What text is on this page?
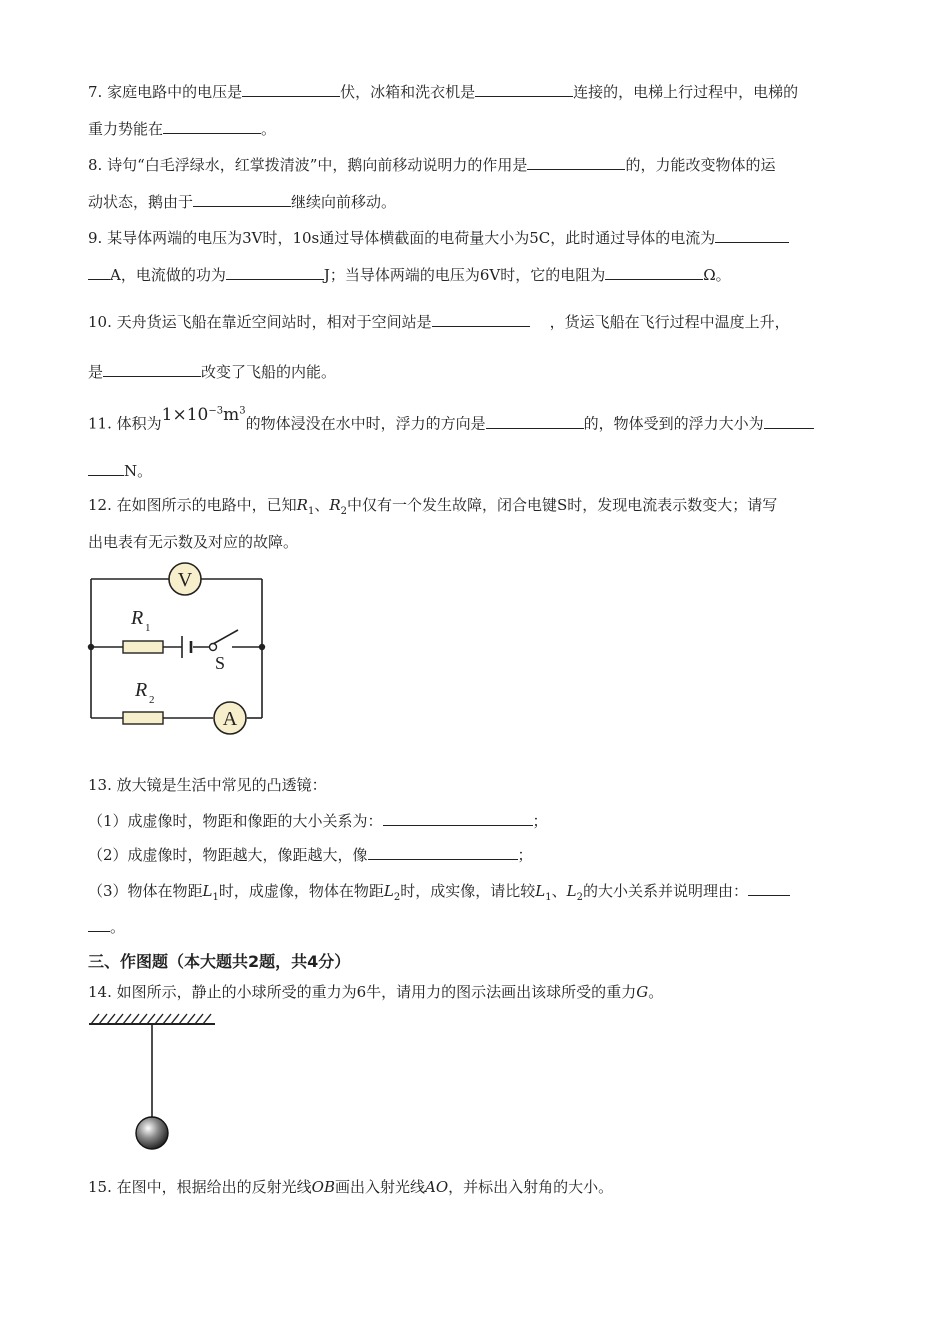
7. 家庭电路中的电压是	伏，冰箱和洗衣机是	连接的，电梯上行过程中，电梯的
重力势能在	。
8. 诗句“白毛浮绿水，红掌拨清波”中，鹅向前移动说明力的作用是	的，力能改变物体的运
动状态，鹅由于	继续向前移动。
9. 某导体两端的电压为3V时，10s通过导体横截面的电荷量大小为5C，此时通过导体的电流为
A，电流做的功为	J；当导体两端的电压为6V时，它的电阻为	Ω。
10. 天舟货运飞船在靠近空间站时，相对于空间站是	，货运飞船在飞行过程中温度上升，
是	改变了飞船的内能。
11. 体积为$1\times 10^{-3}m^3$的物体浸没在水中时，浮力的方向是	的，物体受到的浮力大小为
N。
12. 在如图所示的电路中，已知$R_1$、$R_2$中仅有一个发生故障，闭合电键S时，发现电流表示数变大；请写
出电表有无示数及对应的故障。
V
R 1
S
R 2
A
13. 放大镜是生活中常见的凸透镜：
（1）成虚像时，物距和像距的大小关系为：	；
（2）成虚像时，物距越大，像距越大，像	；
（3）物体在物距$L_1$时，成虚像，物体在物距$L_2$时，成实像，请比较$L_1$、$L_2$的大小关系并说明理由：
。
三、作图题（本大题共2题，共4分）
14. 如图所示，静止的小球所受的重力为6牛，请用力的图示法画出该球所受的重力G。
15. 在图中，根据给出的反射光线OB画出入射光线AO，并标出入射角的大小。
